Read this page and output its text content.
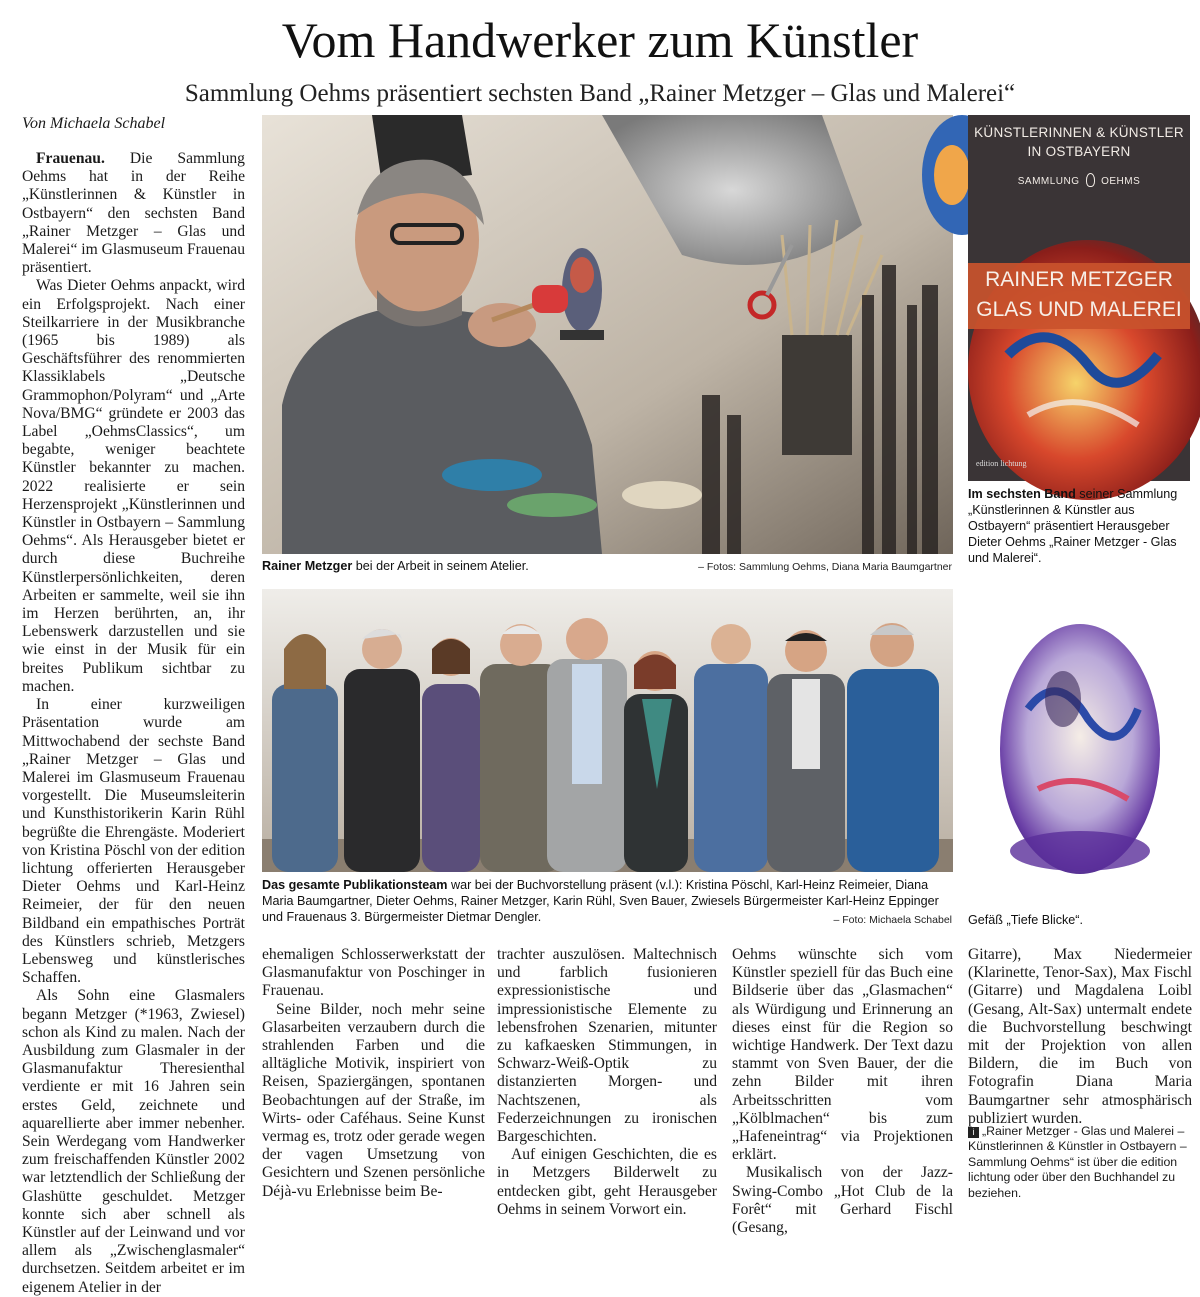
Vom Handwerker zum Künstler
Sammlung Oehms präsentiert sechsten Band „Rainer Metzger – Glas und Malerei“
Von Michaela Schabel

Frauenau. Die Sammlung Oehms hat in der Reihe „Künstlerinnen & Künstler in Ostbayern“ den sechsten Band „Rainer Metzger – Glas und Malerei“ im Glasmuseum Frauenau präsentiert.

Was Dieter Oehms anpackt, wird ein Erfolgsprojekt. Nach einer Steilkarriere in der Musikbranche (1965 bis 1989) als Geschäftsführer des renommierten Klassiklabels „Deutsche Grammophon/Polyram“ und „Arte Nova/BMG“ gründete er 2003 das Label „OehmsClassics“, um begabte, weniger beachtete Künstler bekannter zu machen. 2022 realisierte er sein Herzensprojekt „Künstlerinnen und Künstler in Ostbayern – Sammlung Oehms“. Als Herausgeber bietet er durch diese Buchreihe Künstlerpersönlichkeiten, deren Arbeiten er sammelte, weil sie ihn im Herzen berührten, an, ihr Lebenswerk darzustellen und sie wie einst in der Musik für ein breites Publikum sichtbar zu machen.

In einer kurzweiligen Präsentation wurde am Mittwochabend der sechste Band „Rainer Metzger – Glas und Malerei im Glasmuseum Frauenau vorgestellt. Die Museumsleiterin und Kunsthistorikerin Karin Rühl begrüßte die Ehrengäste. Moderiert von Kristina Pöschl von der edition lichtung offerierten Herausgeber Dieter Oehms und Karl-Heinz Reimeier, der für den neuen Bildband ein empathisches Porträt des Künstlers schrieb, Metzgers Lebensweg und künstlerisches Schaffen.

Als Sohn eine Glasmalers begann Metzger (*1963, Zwiesel) schon als Kind zu malen. Nach der Ausbildung zum Glasmaler in der Glasmanufaktur Theresienthal verdiente er mit 16 Jahren sein erstes Geld, zeichnete und aquarellierte aber immer nebenher. Sein Werdegang vom Handwerker zum freischaffenden Künstler 2002 war letztendlich der Schließung der Glashütte geschuldet. Metzger konnte sich aber schnell als Künstler auf der Leinwand und vor allem als „Zwischenglasmaler“ durchsetzen. Seitdem arbeitet er im eigenem Atelier in der

Rainer Metzger bei der Arbeit in seinem Atelier.	– Fotos: Sammlung Oehms, Diana Maria Baumgartner
Das gesamte Publikationsteam war bei der Buchvorstellung präsent (v.l.): Kristina Pöschl, Karl-Heinz Reimeier, Diana Maria Baumgartner, Dieter Oehms, Rainer Metzger, Karin Rühl, Sven Bauer, Zwiesels Bürgermeister Karl-Heinz Eppinger und Frauenaus 3. Bürgermeister Dietmar Dengler.	– Foto: Michaela Schabel
KÜNSTLERINNEN & KÜNSTLER
IN OSTBAYERN
SAMMLUNG OEHMS
RAINER METZGER
GLAS UND MALEREI
edition lichtung
Im sechsten Band seiner Sammlung „Künstlerinnen & Künstler aus Ostbayern“ präsentiert Herausgeber Dieter Oehms „Rainer Metzger - Glas und Malerei“.
Gefäß „Tiefe Blicke“.

ehemaligen Schlosserwerkstatt der Glasmanufaktur von Poschinger in Frauenau.

Seine Bilder, noch mehr seine Glasarbeiten verzaubern durch die strahlenden Farben und die alltägliche Motivik, inspiriert von Reisen, Spaziergängen, spontanen Beobachtungen auf der Straße, im Wirts- oder Caféhaus. Seine Kunst vermag es, trotz oder gerade wegen der vagen Umsetzung von Gesichtern und Szenen persönliche Déjà-vu Erlebnisse beim Be-

trachter auszulösen. Maltechnisch und farblich fusionieren expressionistische und impressionistische Elemente zu lebensfrohen Szenarien, mitunter zu kafkaesken Stimmungen, in Schwarz-Weiß-Optik zu distanzierten Morgen- und Nachtszenen, als Federzeichnungen zu ironischen Bargeschichten.

Auf einigen Geschichten, die es in Metzgers Bilderwelt zu entdecken gibt, geht Herausgeber Oehms in seinem Vorwort ein.

Oehms wünschte sich vom Künstler speziell für das Buch eine Bildserie über das „Glasmachen“ als Würdigung und Erinnerung an dieses einst für die Region so wichtige Handwerk. Der Text dazu stammt von Sven Bauer, der die zehn Bilder mit ihren Arbeitsschritten vom „Kölblmachen“ bis zum „Hafeneintrag“ via Projektionen erklärt.

Musikalisch von der Jazz-Swing-Combo „Hot Club de la Forêt“ mit Gerhard Fischl (Gesang,

Gitarre), Max Niedermeier (Klarinette, Tenor-Sax), Max Fischl (Gitarre) und Magdalena Loibl (Gesang, Alt-Sax) untermalt endete die Buchvorstellung beschwingt mit der Projektion von allen Bildern, die im Buch von Fotografin Diana Maria Baumgartner sehr atmosphärisch publiziert wurden.

i „Rainer Metzger - Glas und Malerei – Künstlerinnen & Künstler in Ostbayern – Sammlung Oehms“ ist über die edition lichtung oder über den Buchhandel zu beziehen.
